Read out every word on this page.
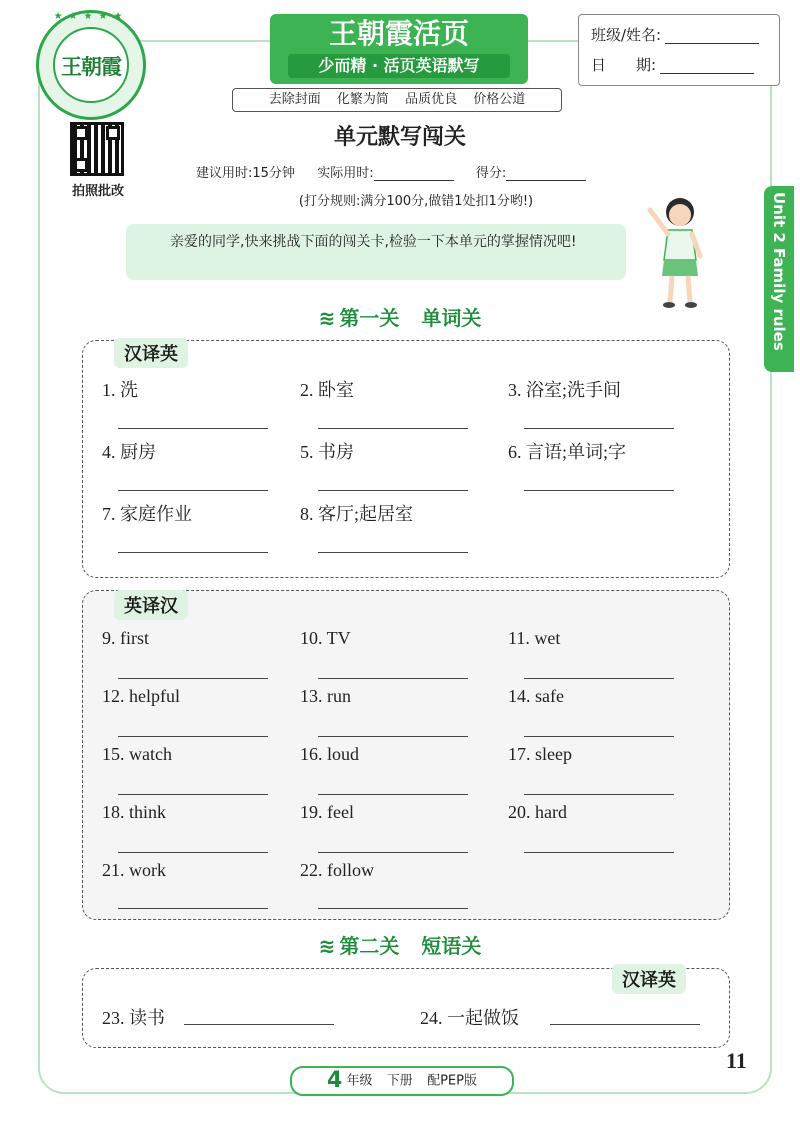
★★★★★
王朝霞
王朝霞活页
少而精 · 活页英语默写
去除封面 化繁为简 品质优良 价格公道
班级/姓名:
日　　期:
拍照批改
单元默写闯关
建议用时:15分钟 实际用时:	得分:
(打分规则:满分100分,做错1处扣1分哟!)
亲爱的同学,快来挑战下面的闯关卡,检验一下本单元的掌握情况吧!	Unit 2 Family rules
≋ 第一关 单词关
汉译英
1. 洗	2. 卧室	3. 浴室;洗手间
4. 厨房	5. 书房	6. 言语;单词;字
7. 家庭作业	8. 客厅;起居室
英译汉
9. first	10. TV	11. wet
12. helpful	13. run	14. safe
15. watch	16. loud	17. sleep
18. think	19. feel	20. hard
21. work	22. follow
≋ 第二关 短语关
汉译英
23. 读书	24. 一起做饭
11
4 年级 下册 配PEP版
